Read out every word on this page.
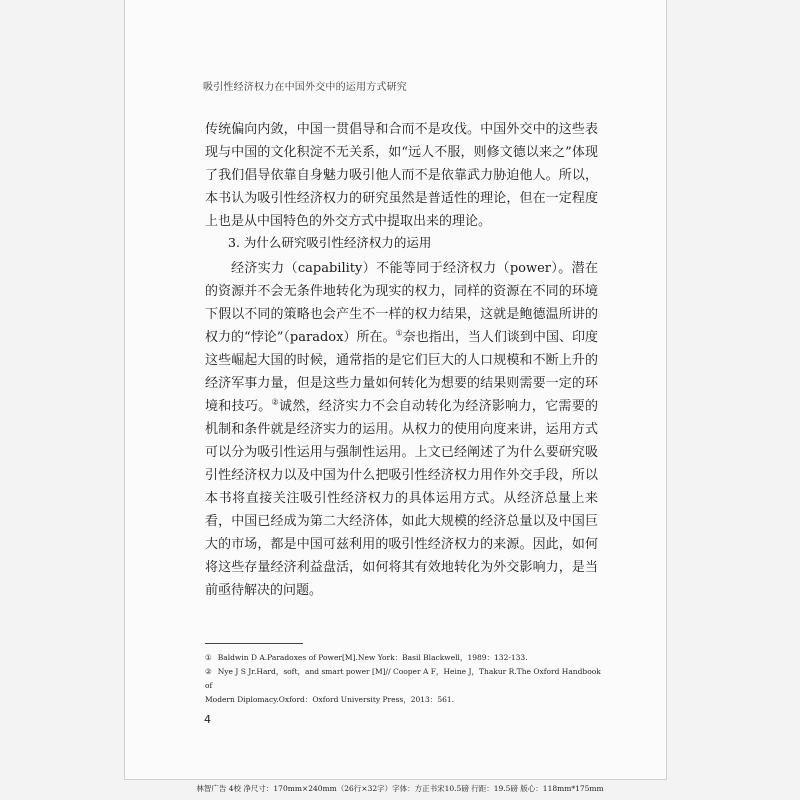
吸引性经济权力在中国外交中的运用方式研究

传统偏向内敛，中国一贯倡导和合而不是攻伐。中国外交中的这些表现与中国的文化积淀不无关系，如“远人不服，则修文德以来之”体现了我们倡导依靠自身魅力吸引他人而不是依靠武力胁迫他人。所以，本书认为吸引性经济权力的研究虽然是普适性的理论，但在一定程度上也是从中国特色的外交方式中提取出来的理论。

3. 为什么研究吸引性经济权力的运用

经济实力（capability）不能等同于经济权力（power）。潜在的资源并不会无条件地转化为现实的权力，同样的资源在不同的环境下假以不同的策略也会产生不一样的权力结果，这就是鲍德温所讲的权力的“悖论”（paradox）所在。①奈也指出，当人们谈到中国、印度这些崛起大国的时候，通常指的是它们巨大的人口规模和不断上升的经济军事力量，但是这些力量如何转化为想要的结果则需要一定的环境和技巧。②诚然，经济实力不会自动转化为经济影响力，它需要的机制和条件就是经济实力的运用。从权力的使用向度来讲，运用方式可以分为吸引性运用与强制性运用。上文已经阐述了为什么要研究吸引性经济权力以及中国为什么把吸引性经济权力用作外交手段，所以本书将直接关注吸引性经济权力的具体运用方式。从经济总量上来看，中国已经成为第二大经济体，如此大规模的经济总量以及中国巨大的市场，都是中国可兹利用的吸引性经济权力的来源。因此，如何将这些存量经济利益盘活，如何将其有效地转化为外交影响力，是当前亟待解决的问题。

① Baldwin D A.Paradoxes of Power[M].New York：Basil Blackwell，1989：132-133.

② Nye J S Jr.Hard，soft，and smart power [M]// Cooper A F，Heine J，Thakur R.The Oxford Handbook of

Modern Diplomacy.Oxford：Oxford University Press，2013：561.

4
林智广告 4校 净尺寸：170mm×240mm（26行×32字）字体：方正书宋10.5磅 行距：19.5磅 版心：118mm*175mm
